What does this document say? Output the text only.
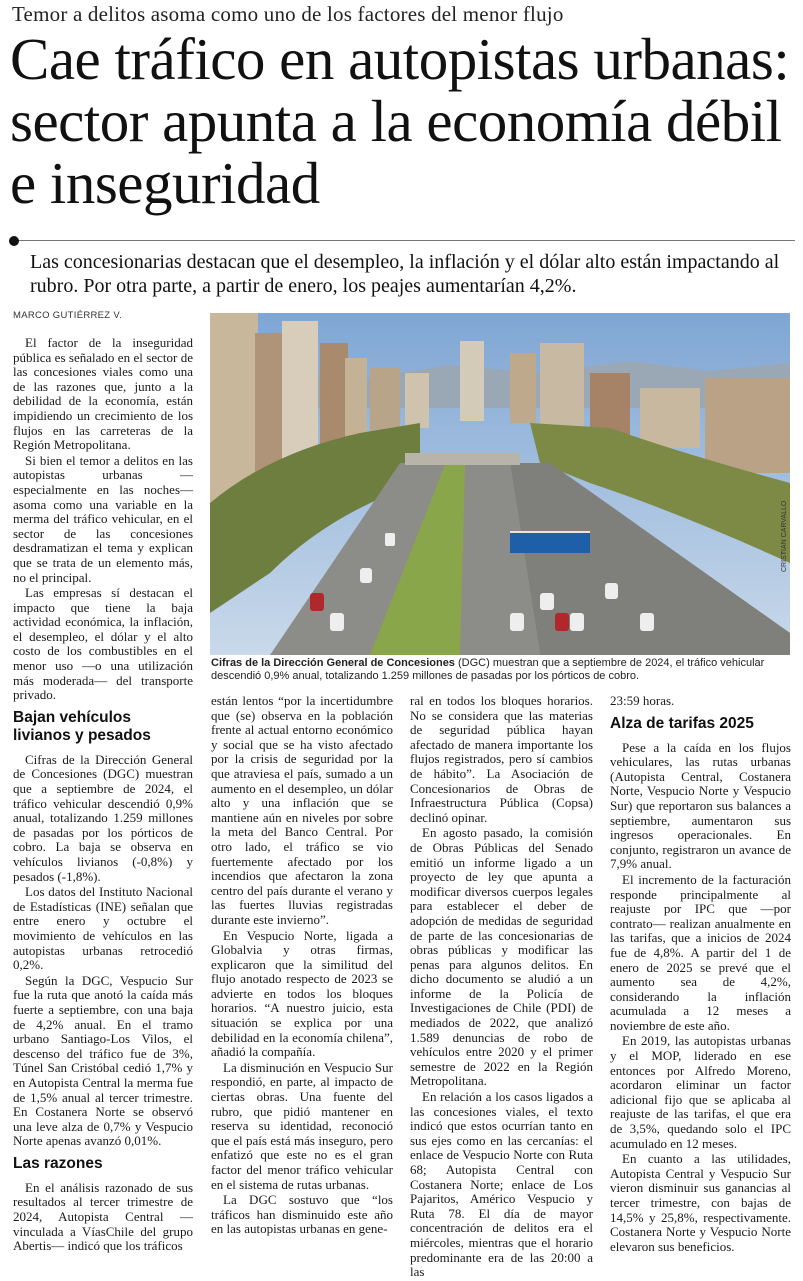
Temor a delitos asoma como uno de los factores del menor flujo
Cae tráfico en autopistas urbanas: sector apunta a la economía débil e inseguridad
Las concesionarias destacan que el desempleo, la inflación y el dólar alto están impactando al rubro. Por otra parte, a partir de enero, los peajes aumentarían 4,2%.
MARCO GUTIÉRREZ V.

El factor de la inseguridad pública es señalado en el sector de las concesiones viales como una de las razones que, junto a la debilidad de la economía, están impidiendo un crecimiento de los flujos en las carreteras de la Región Metropolitana.

Si bien el temor a delitos en las autopistas urbanas —especialmente en las noches— asoma como una variable en la merma del tráfico vehicular, en el sector de las concesiones desdramatizan el tema y explican que se trata de un elemento más, no el principal.

Las empresas sí destacan el impacto que tiene la baja actividad económica, la inflación, el desempleo, el dólar y el alto costo de los combustibles en el menor uso —o una utilización más moderada— del transporte privado.

Bajan vehículos livianos y pesados

Cifras de la Dirección General de Concesiones (DGC) muestran que a septiembre de 2024, el tráfico vehicular descendió 0,9% anual, totalizando 1.259 millones de pasadas por los pórticos de cobro. La baja se observa en vehículos livianos (-0,8%) y pesados (-1,8%).

Los datos del Instituto Nacional de Estadísticas (INE) señalan que entre enero y octubre el movimiento de vehículos en las autopistas urbanas retrocedió 0,2%.

Según la DGC, Vespucio Sur fue la ruta que anotó la caída más fuerte a septiembre, con una baja de 4,2% anual. En el tramo urbano Santiago-Los Vilos, el descenso del tráfico fue de 3%, Túnel San Cristóbal cedió 1,7% y en Autopista Central la merma fue de 1,5% anual al tercer trimestre. En Costanera Norte se observó una leve alza de 0,7% y Vespucio Norte apenas avanzó 0,01%.

Las razones

En el análisis razonado de sus resultados al tercer trimestre de 2024, Autopista Central —vinculada a VíasChile del grupo Abertis— indicó que los tráficos

CRISTIAN CARVALLO
Cifras de la Dirección General de Concesiones (DGC) muestran que a septiembre de 2024, el tráfico vehicular descendió 0,9% anual, totalizando 1.259 millones de pasadas por los pórticos de cobro.

están lentos “por la incertidumbre que (se) observa en la población frente al actual entorno económico y social que se ha visto afectado por la crisis de seguridad por la que atraviesa el país, sumado a un aumento en el desempleo, un dólar alto y una inflación que se mantiene aún en niveles por sobre la meta del Banco Central. Por otro lado, el tráfico se vio fuertemente afectado por los incendios que afectaron la zona centro del país durante el verano y las fuertes lluvias registradas durante este invierno”.

En Vespucio Norte, ligada a Globalvia y otras firmas, explicaron que la similitud del flujo anotado respecto de 2023 se advierte en todos los bloques horarios. “A nuestro juicio, esta situación se explica por una debilidad en la economía chilena”, añadió la compañía.

La disminución en Vespucio Sur respondió, en parte, al impacto de ciertas obras. Una fuente del rubro, que pidió mantener en reserva su identidad, reconoció que el país está más inseguro, pero enfatizó que este no es el gran factor del menor tráfico vehicular en el sistema de rutas urbanas.

La DGC sostuvo que “los tráficos han disminuido este año en las autopistas urbanas en gene-

ral en todos los bloques horarios. No se considera que las materias de seguridad pública hayan afectado de manera importante los flujos registrados, pero sí cambios de hábito”. La Asociación de Concesionarios de Obras de Infraestructura Pública (Copsa) declinó opinar.

En agosto pasado, la comisión de Obras Públicas del Senado emitió un informe ligado a un proyecto de ley que apunta a modificar diversos cuerpos legales para establecer el deber de adopción de medidas de seguridad de parte de las concesionarias de obras públicas y modificar las penas para algunos delitos. En dicho documento se aludió a un informe de la Policía de Investigaciones de Chile (PDI) de mediados de 2022, que analizó 1.589 denuncias de robo de vehículos entre 2020 y el primer semestre de 2022 en la Región Metropolitana.

En relación a los casos ligados a las concesiones viales, el texto indicó que estos ocurrían tanto en sus ejes como en las cercanías: el enlace de Vespucio Norte con Ruta 68; Autopista Central con Costanera Norte; enlace de Los Pajaritos, Américo Vespucio y Ruta 78. El día de mayor concentración de delitos era el miércoles, mientras que el horario predominante era de las 20:00 a las

23:59 horas.

Alza de tarifas 2025

Pese a la caída en los flujos vehiculares, las rutas urbanas (Autopista Central, Costanera Norte, Vespucio Norte y Vespucio Sur) que reportaron sus balances a septiembre, aumentaron sus ingresos operacionales. En conjunto, registraron un avance de 7,9% anual.

El incremento de la facturación responde principalmente al reajuste por IPC que —por contrato— realizan anualmente en las tarifas, que a inicios de 2024 fue de 4,8%. A partir del 1 de enero de 2025 se prevé que el aumento sea de 4,2%, considerando la inflación acumulada a 12 meses a noviembre de este año.

En 2019, las autopistas urbanas y el MOP, liderado en ese entonces por Alfredo Moreno, acordaron eliminar un factor adicional fijo que se aplicaba al reajuste de las tarifas, el que era de 3,5%, quedando solo el IPC acumulado en 12 meses.

En cuanto a las utilidades, Autopista Central y Vespucio Sur vieron disminuir sus ganancias al tercer trimestre, con bajas de 14,5% y 25,8%, respectivamente. Costanera Norte y Vespucio Norte elevaron sus beneficios.
